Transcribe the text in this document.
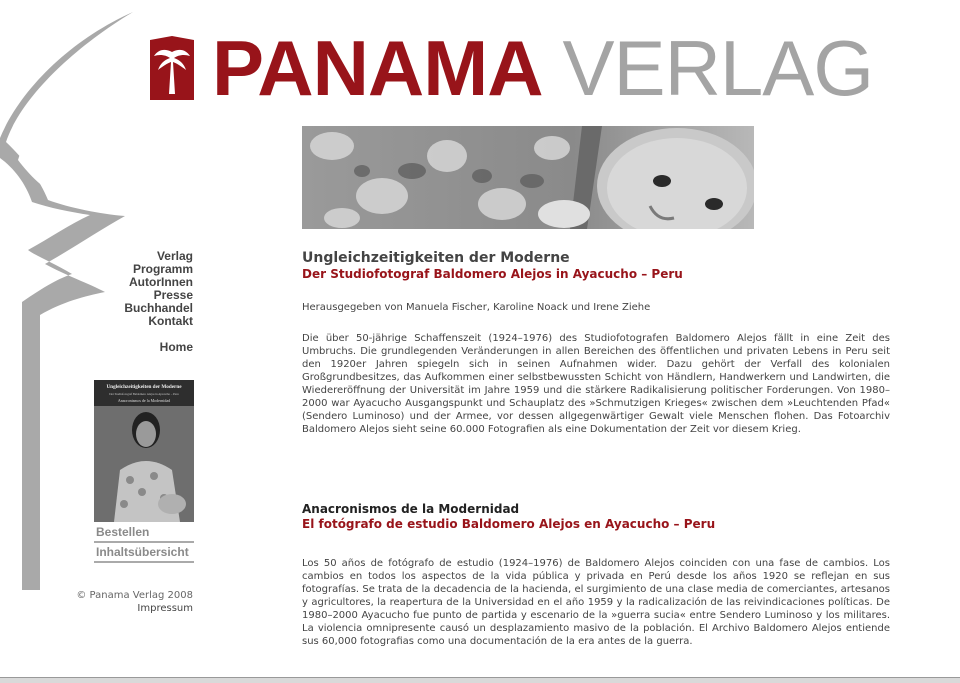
PANAMA VERLAG
Verlag
Programm
AutorInnen
Presse
Buchhandel
Kontakt
Home
Ungleichzeitigkeiten der Moderne
Der Studiofotograf Baldomero Alejos in Ayacucho – Peru
Anacronismos de la Modernidad
Bestellen
Inhaltsübersicht
© Panama Verlag 2008
Impressum
Ungleichzeitigkeiten der Moderne
Der Studiofotograf Baldomero Alejos in Ayacucho – Peru
Herausgegeben von Manuela Fischer, Karoline Noack und Irene Ziehe

Die über 50-jährige Schaffenszeit (1924–1976) des Studiofotografen Baldomero Alejos fällt in eine Zeit des Umbruchs. Die grundlegenden Veränderungen in allen Bereichen des öffentlichen und privaten Lebens in Peru seit den 1920er Jahren spiegeln sich in seinen Aufnahmen wider. Dazu gehört der Verfall des kolonialen Großgrundbesitzes, das Aufkommen einer selbstbewussten Schicht von Händlern, Handwerkern und Landwirten, die Wiedereröffnung der Universität im Jahre 1959 und die stärkere Radikalisierung politischer Forderungen. Von 1980–2000 war Ayacucho Ausgangspunkt und Schauplatz des »Schmutzigen Krieges« zwischen dem »Leuchtenden Pfad« (Sendero Luminoso) und der Armee, vor dessen allgegenwärtiger Gewalt viele Menschen flohen. Das Fotoarchiv Baldomero Alejos sieht seine 60.000 Fotografien als eine Dokumentation der Zeit vor diesem Krieg.

Anacronismos de la Modernidad
El fotógrafo de estudio Baldomero Alejos en Ayacucho – Peru

Los 50 años de fotógrafo de estudio (1924–1976) de Baldomero Alejos coinciden con una fase de cambios. Los cambios en todos los aspectos de la vida pública y privada en Perú desde los años 1920 se reflejan en sus fotografías. Se trata de la decadencia de la hacienda, el surgimiento de una clase media de comerciantes, artesanos y agricultores, la reapertura de la Universidad en el año 1959 y la radicalización de las reivindicaciones políticas. De 1980–2000 Ayacucho fue punto de partida y escenario de la »guerra sucia« entre Sendero Luminoso y los militares. La violencia omnipresente causó un desplazamiento masivo de la población. El Archivo Baldomero Alejos entiende sus 60,000 fotografias como una documentación de la era antes de la guerra.
